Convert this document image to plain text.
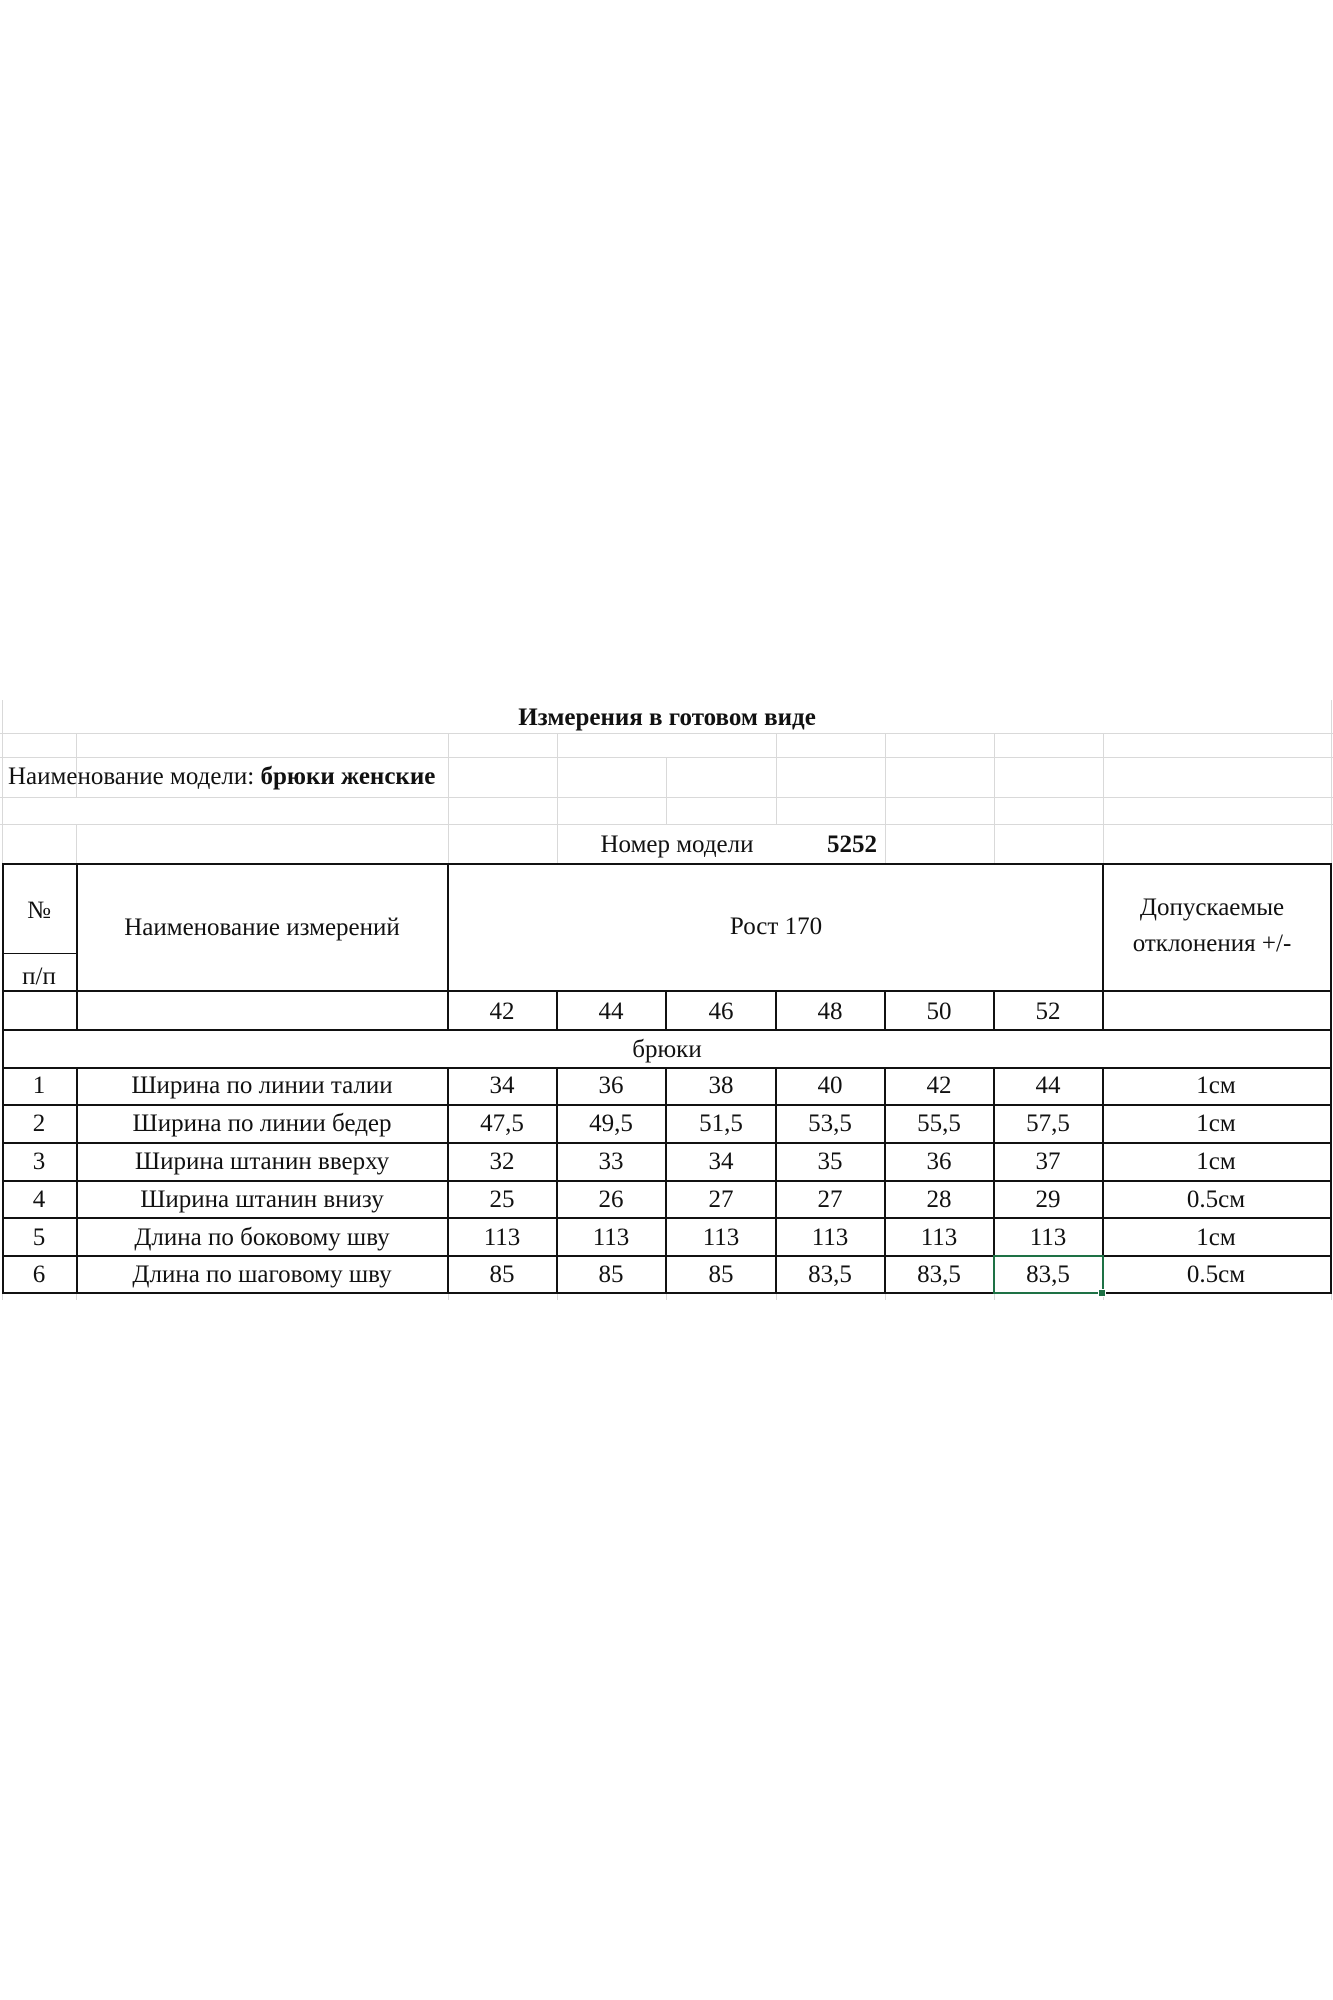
Измерения в готовом виде
Наименование модели: брюки женские
Номер модели	5252
№
п/п
Наименование измерений	Рост 170
Допускаемые
отклонения +/-
42	44	46	48	50	52
брюки
1	Ширина по линии талии	34	36	38	40	42	44	1см
2	Ширина по линии бедер	47,5	49,5	51,5	53,5	55,5	57,5	1см
3	Ширина штанин вверху	32	33	34	35	36	37	1см
4	Ширина штанин внизу	25	26	27	27	28	29	0.5см
5	Длина по боковому шву	113	113	113	113	113	113	1см
6	Длина по шаговому шву	85	85	85	83,5	83,5	83,5	0.5см
